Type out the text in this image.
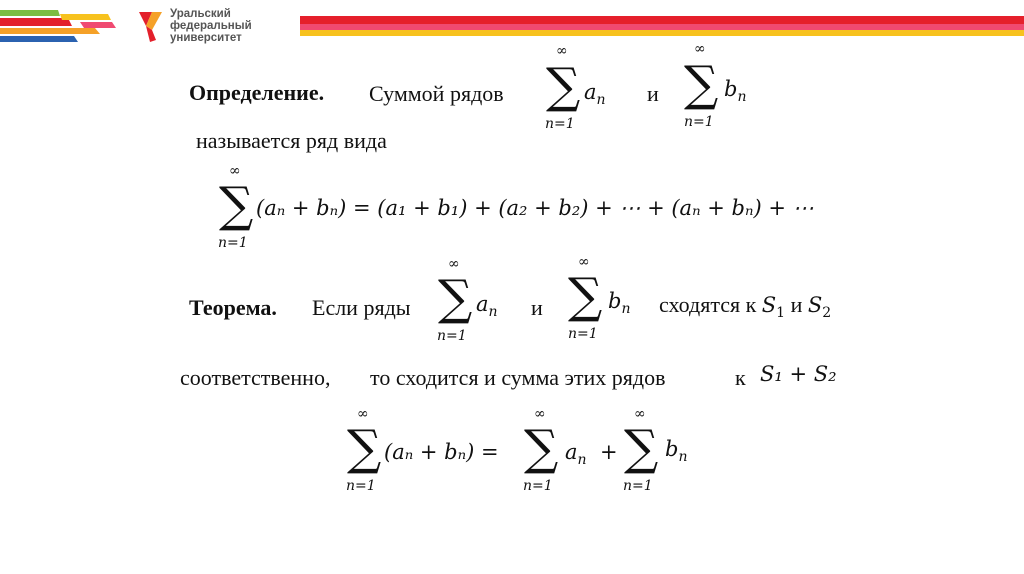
Уральский
федеральный
университет
Определение. Суммой рядов
∞
∑
n=1
$a_n$ и
∞
∑
n=1
$b_n$
называется ряд вида
∞
∑
n=1
(aₙ + bₙ) = (a₁ + b₁) + (a₂ + b₂) + ⋯ + (aₙ + bₙ) + ⋯
Теорема. Если ряды
∞
∑
n=1
$a_n$ и
∞
∑
n=1
$b_n$ сходятся к $S_1$ и $S_2$
соответственно, то сходится и сумма этих рядов	к S₁ + S₂
∞
∑
n=1
(aₙ + bₙ) =
∞
∑
n=1
$a_n$ +
∞
∑
n=1
$b_n$
